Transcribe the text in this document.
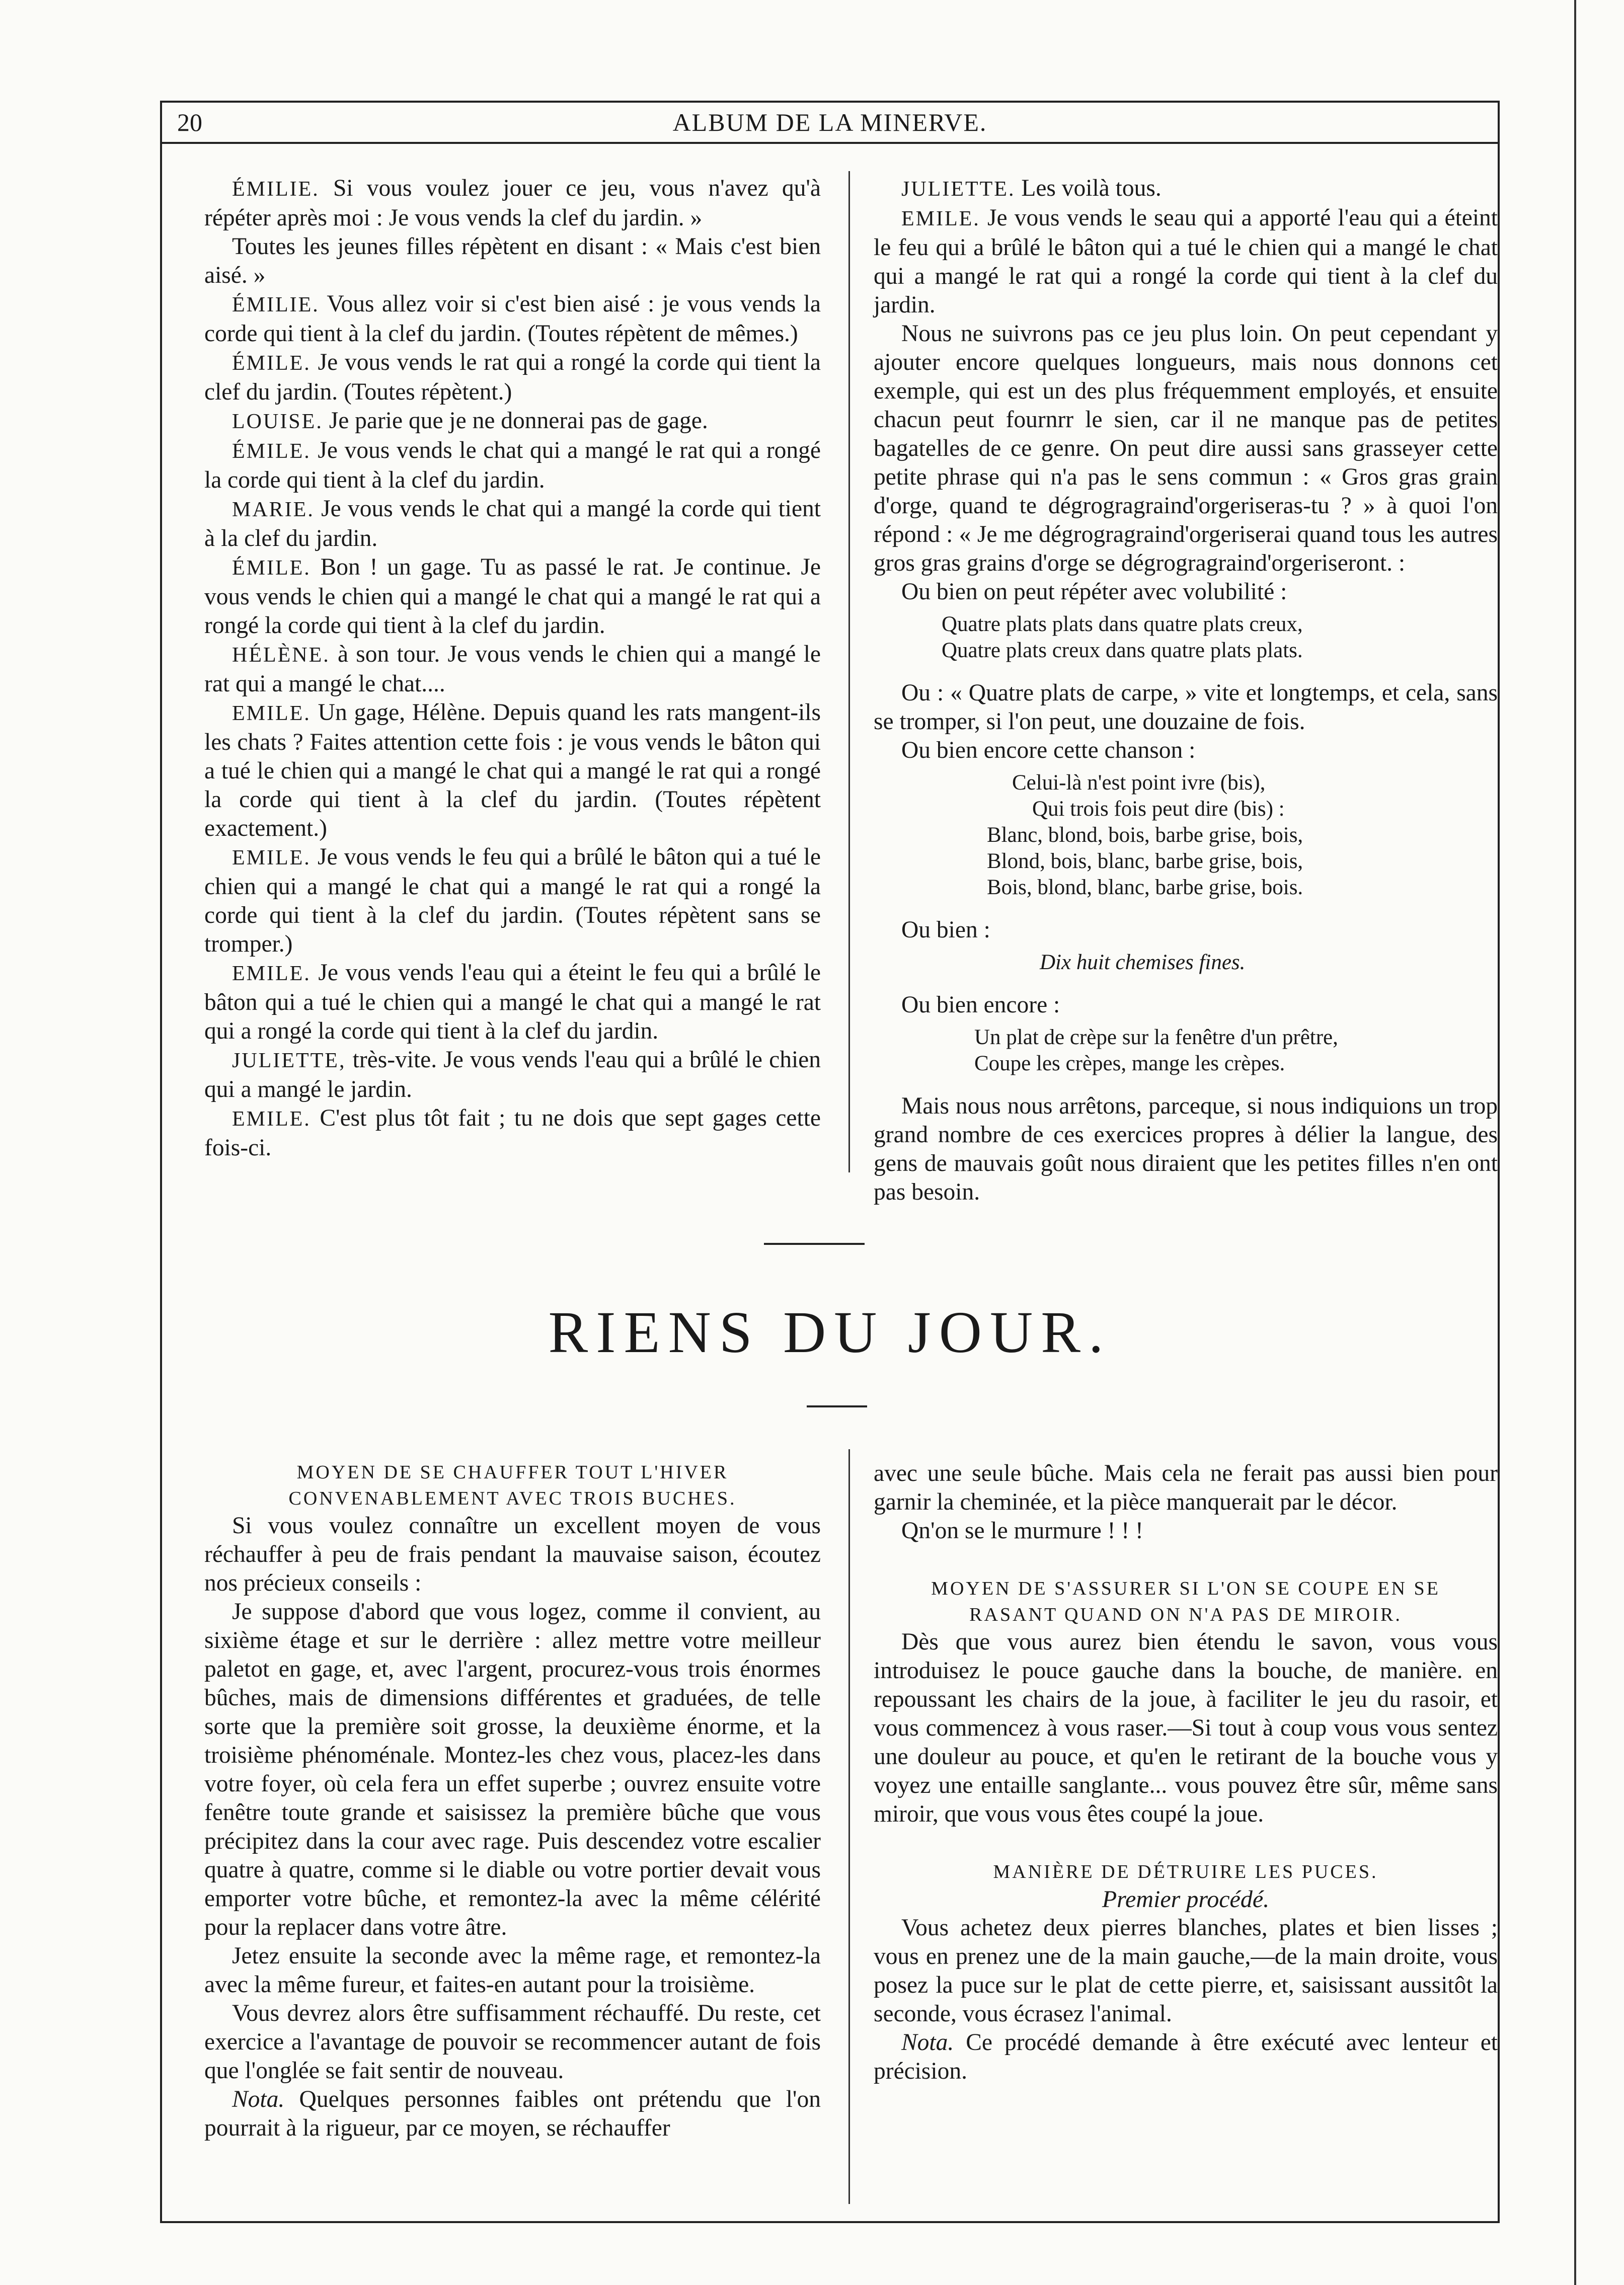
20	ALBUM DE LA MINERVE.

ÉMILIE. Si vous voulez jouer ce jeu, vous n'avez qu'à répéter après moi : Je vous vends la clef du jardin. »

Toutes les jeunes filles répètent en disant : « Mais c'est bien aisé. »

ÉMILIE. Vous allez voir si c'est bien aisé : je vous vends la corde qui tient à la clef du jardin. (Toutes répètent de mêmes.)

ÉMILE. Je vous vends le rat qui a rongé la corde qui tient la clef du jardin. (Toutes répètent.)

LOUISE. Je parie que je ne donnerai pas de gage.

ÉMILE. Je vous vends le chat qui a mangé le rat qui a rongé la corde qui tient à la clef du jardin.

MARIE. Je vous vends le chat qui a mangé la corde qui tient à la clef du jardin.

ÉMILE. Bon ! un gage. Tu as passé le rat. Je continue. Je vous vends le chien qui a mangé le chat qui a mangé le rat qui a rongé la corde qui tient à la clef du jardin.

HÉLÈNE. à son tour. Je vous vends le chien qui a mangé le rat qui a mangé le chat....

EMILE. Un gage, Hélène. Depuis quand les rats mangent-ils les chats ? Faites attention cette fois : je vous vends le bâton qui a tué le chien qui a mangé le chat qui a mangé le rat qui a rongé la corde qui tient à la clef du jardin. (Toutes répètent exactement.)

EMILE. Je vous vends le feu qui a brûlé le bâton qui a tué le chien qui a mangé le chat qui a mangé le rat qui a rongé la corde qui tient à la clef du jardin. (Toutes répètent sans se tromper.)

EMILE. Je vous vends l'eau qui a éteint le feu qui a brûlé le bâton qui a tué le chien qui a mangé le chat qui a mangé le rat qui a rongé la corde qui tient à la clef du jardin.

JULIETTE, très-vite. Je vous vends l'eau qui a brûlé le chien qui a mangé le jardin.

EMILE. C'est plus tôt fait ; tu ne dois que sept gages cette fois-ci.

JULIETTE. Les voilà tous.

EMILE. Je vous vends le seau qui a apporté l'eau qui a éteint le feu qui a brûlé le bâton qui a tué le chien qui a mangé le chat qui a mangé le rat qui a rongé la corde qui tient à la clef du jardin.

Nous ne suivrons pas ce jeu plus loin. On peut cependant y ajouter encore quelques longueurs, mais nous donnons cet exemple, qui est un des plus fréquemment employés, et ensuite chacun peut fournrr le sien, car il ne manque pas de petites bagatelles de ce genre. On peut dire aussi sans grasseyer cette petite phrase qui n'a pas le sens commun : « Gros gras grain d'orge, quand te dégrogragraind'orgeriseras-tu ? » à quoi l'on répond : « Je me dégrogragraind'orgeriserai quand tous les autres gros gras grains d'orge se dégrogragraind'orgeriseront. :

Ou bien on peut répéter avec volubilité :

Quatre plats plats dans quatre plats creux,
Quatre plats creux dans quatre plats plats.

Ou : « Quatre plats de carpe, » vite et longtemps, et cela, sans se tromper, si l'on peut, une douzaine de fois.

Ou bien encore cette chanson :

Celui-là n'est point ivre (bis),
Qui trois fois peut dire (bis) :
Blanc, blond, bois, barbe grise, bois,
Blond, bois, blanc, barbe grise, bois,
Bois, blond, blanc, barbe grise, bois.

Ou bien :

Dix huit chemises fines.

Ou bien encore :

Un plat de crèpe sur la fenêtre d'un prêtre,
Coupe les crèpes, mange les crèpes.

Mais nous nous arrêtons, parceque, si nous indiquions un trop grand nombre de ces exercices propres à délier la langue, des gens de mauvais goût nous diraient que les petites filles n'en ont pas besoin.

RIENS DU JOUR.

MOYEN DE SE CHAUFFER TOUT L'HIVER CONVENABLEMENT AVEC TROIS BUCHES.

Si vous voulez connaître un excellent moyen de vous réchauffer à peu de frais pendant la mauvaise saison, écoutez nos précieux conseils :

Je suppose d'abord que vous logez, comme il convient, au sixième étage et sur le derrière : allez mettre votre meilleur paletot en gage, et, avec l'argent, procurez-vous trois énormes bûches, mais de dimensions différentes et graduées, de telle sorte que la première soit grosse, la deuxième énorme, et la troisième phénoménale. Montez-les chez vous, placez-les dans votre foyer, où cela fera un effet superbe ; ouvrez ensuite votre fenêtre toute grande et saisissez la première bûche que vous précipitez dans la cour avec rage. Puis descendez votre escalier quatre à quatre, comme si le diable ou votre portier devait vous emporter votre bûche, et remontez-la avec la même célérité pour la replacer dans votre âtre.

Jetez ensuite la seconde avec la même rage, et remontez-la avec la même fureur, et faites-en autant pour la troisième.

Vous devrez alors être suffisamment réchauffé. Du reste, cet exercice a l'avantage de pouvoir se recommencer autant de fois que l'onglée se fait sentir de nouveau.

Nota. Quelques personnes faibles ont prétendu que l'on pourrait à la rigueur, par ce moyen, se réchauffer

avec une seule bûche. Mais cela ne ferait pas aussi bien pour garnir la cheminée, et la pièce manquerait par le décor.

Qn'on se le murmure ! ! !

MOYEN DE S'ASSURER SI L'ON SE COUPE EN SE RASANT QUAND ON N'A PAS DE MIROIR.

Dès que vous aurez bien étendu le savon, vous vous introduisez le pouce gauche dans la bouche, de manière. en repoussant les chairs de la joue, à faciliter le jeu du rasoir, et vous commencez à vous raser.—Si tout à coup vous vous sentez une douleur au pouce, et qu'en le retirant de la bouche vous y voyez une entaille sanglante... vous pouvez être sûr, même sans miroir, que vous vous êtes coupé la joue.

MANIÈRE DE DÉTRUIRE LES PUCES.

Premier procédé.

Vous achetez deux pierres blanches, plates et bien lisses ; vous en prenez une de la main gauche,—de la main droite, vous posez la puce sur le plat de cette pierre, et, saisissant aussitôt la seconde, vous écrasez l'animal.

Nota. Ce procédé demande à être exécuté avec lenteur et précision.
